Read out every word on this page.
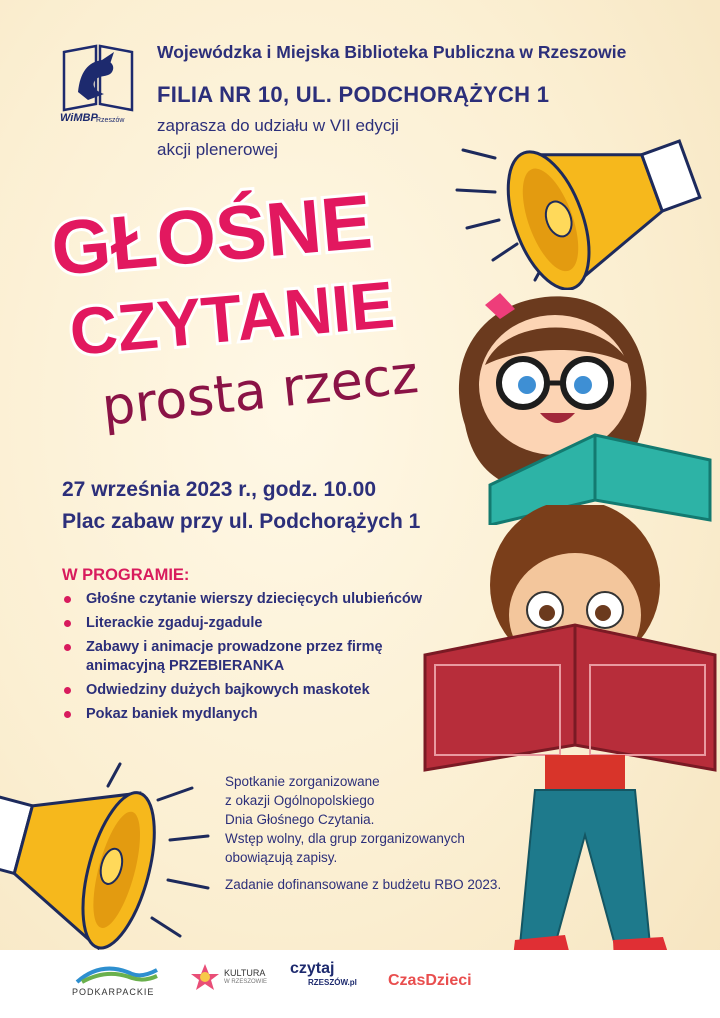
WiMBP
Rzeszów
Wojewódzka i Miejska Biblioteka Publiczna w Rzeszowie
FILIA NR 10, UL. PODCHORĄŻYCH 1
zaprasza do udziału w VII edycji
akcji plenerowej
GŁOŚNE
CZYTANIE
prosta rzecz
27 września 2023 r., godz. 10.00
Plac zabaw przy ul. Podchorążych 1
W PROGRAMIE:
Głośne czytanie wierszy dziecięcych ulubieńców
Literackie zgaduj-zgadule
Zabawy i animacje prowadzone przez firmę animacyjną PRZEBIERANKA
Odwiedziny dużych bajkowych maskotek
Pokaz baniek mydlanych

Spotkanie zorganizowane

z okazji Ogólnopolskiego

Dnia Głośnego Czytania.

Wstęp wolny, dla grup zorganizowanych

obowiązują zapisy.

Zadanie dofinansowane z budżetu RBO 2023.

PODKARPACKIE
KULTURA
W RZESZOWIE
czytaj
RZESZÓW.pl CzasDzieci
